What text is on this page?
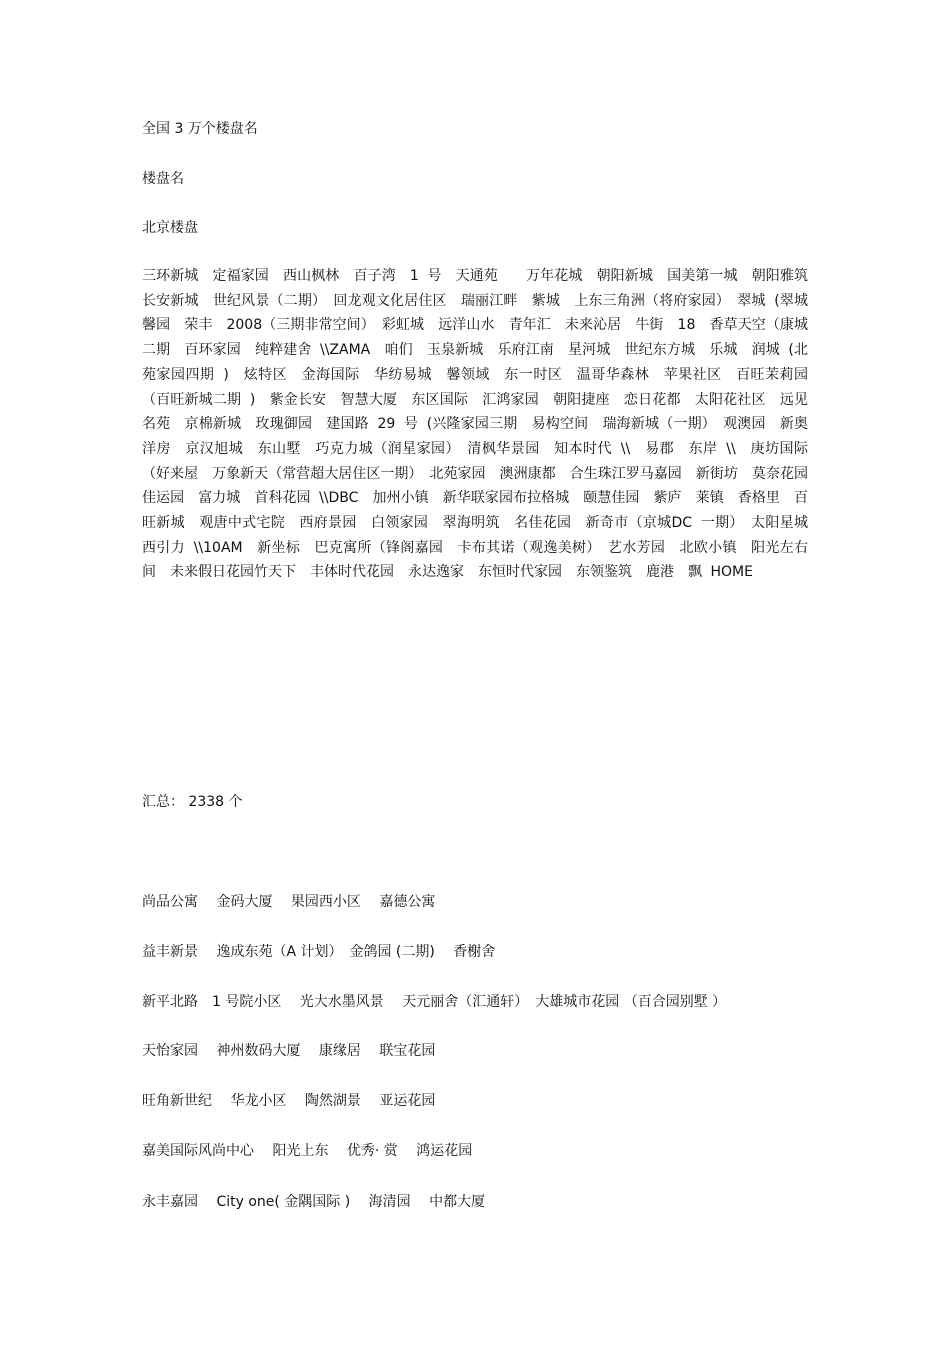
全国 3 万个楼盘名
楼盘名
北京楼盘
三环新城　定福家园　西山枫林　百子湾　1 号　天通苑　　万年花城　朝阳新城　国美第一城　朝阳雅筑　长安新城　世纪风景（二期）　回龙观文化居住区　瑞丽江畔　紫城　上东三角洲（将府家园）　翠城 (翠城馨园　荣丰　2008（三期非常空间）　彩虹城　远洋山水　青年汇　未来沁居　牛街　18　香草天空（康城二期　百环家园　纯粹建舍 \\ZAMA　咱们　玉泉新城　乐府江南　星河城　世纪东方城　乐城　润城 (北苑家园四期 )　炫特区　金海国际　华纺易城　馨领域　东一时区　温哥华森林　苹果社区　百旺茉莉园（百旺新城二期 )　紫金长安　智慧大厦　东区国际　汇鸿家园　朝阳捷座　恋日花都　太阳花社区　远见名苑　京棉新城　玫瑰御园　建国路 29 号 (兴隆家园三期　易构空间　瑞海新城（一期）　观澳园　新奥洋房　京汉旭城　东山墅　巧克力城（润星家园）　清枫华景园　知本时代 \\　易郡　东岸 \\　庚坊国际（好来屋　万象新天（常营超大居住区一期）　北苑家园　澳洲康都　合生珠江罗马嘉园　新街坊　莫奈花园　佳运园　富力城　首科花园 \\DBC　加州小镇　新华联家园布拉格城　颐慧佳园　紫庐　莱镇　香格里　百旺新城　观唐中式宅院　西府景园　白领家园　翠海明筑　名佳花园　新奇市（京城DC 一期）　太阳星城　西引力 \\10AM　新坐标　巴克寓所（锋阁嘉园　卡布其诺（观逸美树）　艺水芳园　北欧小镇　阳光左右间　未来假日花园竹天下　丰体时代花园　永达逸家　东恒时代家园　东领鉴筑　鹿港　飘 HOME
汇总： 2338 个
尚品公寓　 金码大厦　 果园西小区　 嘉德公寓
益丰新景　 逸成东苑（A 计划）　金鸽园 (二期)　 香榭舍
新平北路　1 号院小区　 光大水墨风景　 天元丽舍（汇通轩）　大雄城市花园 （百合园别墅 ）
天怡家园　 神州数码大厦　 康缘居　 联宝花园
旺角新世纪　 华龙小区　 陶然湖景　 亚运花园
嘉美国际风尚中心　 阳光上东　 优秀· 赏　 鸿运花园
永丰嘉园　 City one( 金隅国际 )　 海清园　 中都大厦
